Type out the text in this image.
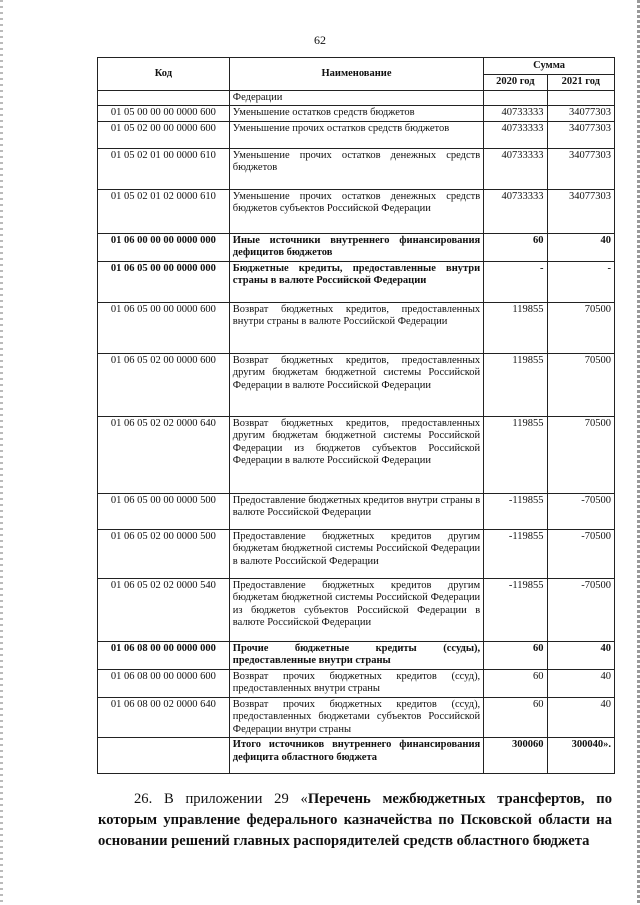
62
Код	Наименование	Сумма	
		2020 год	2021 год
	Федерации		
01 05 00 00 00 0000 600	Уменьшение остатков средств бюджетов	40733333	34077303
01 05 02 00 00 0000 600	Уменьшение прочих остатков средств бюджетов	40733333	34077303
01 05 02 01 00 0000 610	Уменьшение прочих остатков денежных средств бюджетов	40733333	34077303
01 05 02 01 02 0000 610	Уменьшение прочих остатков денежных средств бюджетов субъектов Российской Федерации	40733333	34077303
01 06 00 00 00 0000 000	Иные источники внутреннего финансирования дефицитов бюджетов	60	40
01 06 05 00 00 0000 000	Бюджетные кредиты, предоставленные внутри страны в валюте Российской Федерации	-	-
01 06 05 00 00 0000 600	Возврат бюджетных кредитов, предоставленных внутри страны в валюте Российской Федерации	119855	70500
01 06 05 02 00 0000 600	Возврат бюджетных кредитов, предоставленных другим бюджетам бюджетной системы Российской Федерации в валюте Российской Федерации	119855	70500
01 06 05 02 02 0000 640	Возврат бюджетных кредитов, предоставленных другим бюджетам бюджетной системы Российской Федерации из бюджетов субъектов Российской Федерации в валюте Российской Федерации	119855	70500
01 06 05 00 00 0000 500	Предоставление бюджетных кредитов внутри страны в валюте Российской Федерации	-119855	-70500
01 06 05 02 00 0000 500	Предоставление бюджетных кредитов другим бюджетам бюджетной системы Российской Федерации в валюте Российской Федерации	-119855	-70500
01 06 05 02 02 0000 540	Предоставление бюджетных кредитов другим бюджетам бюджетной системы Российской Федерации из бюджетов субъектов Российской Федерации в валюте Российской Федерации	-119855	-70500
01 06 08 00 00 0000 000	Прочие бюджетные кредиты (ссуды), предоставленные внутри страны	60	40
01 06 08 00 00 0000 600	Возврат прочих бюджетных кредитов (ссуд), предоставленных внутри страны	60	40
01 06 08 00 02 0000 640	Возврат прочих бюджетных кредитов (ссуд), предоставленных бюджетами субъектов Российской Федерации внутри страны	60	40
	Итого источников внутреннего финансирования дефицита областного бюджета	300060	300040».
26. В приложении 29 «Перечень межбюджетных трансфертов, по которым управление федерального казначейства по Псковской области на основании решений главных распорядителей средств областного бюджета
